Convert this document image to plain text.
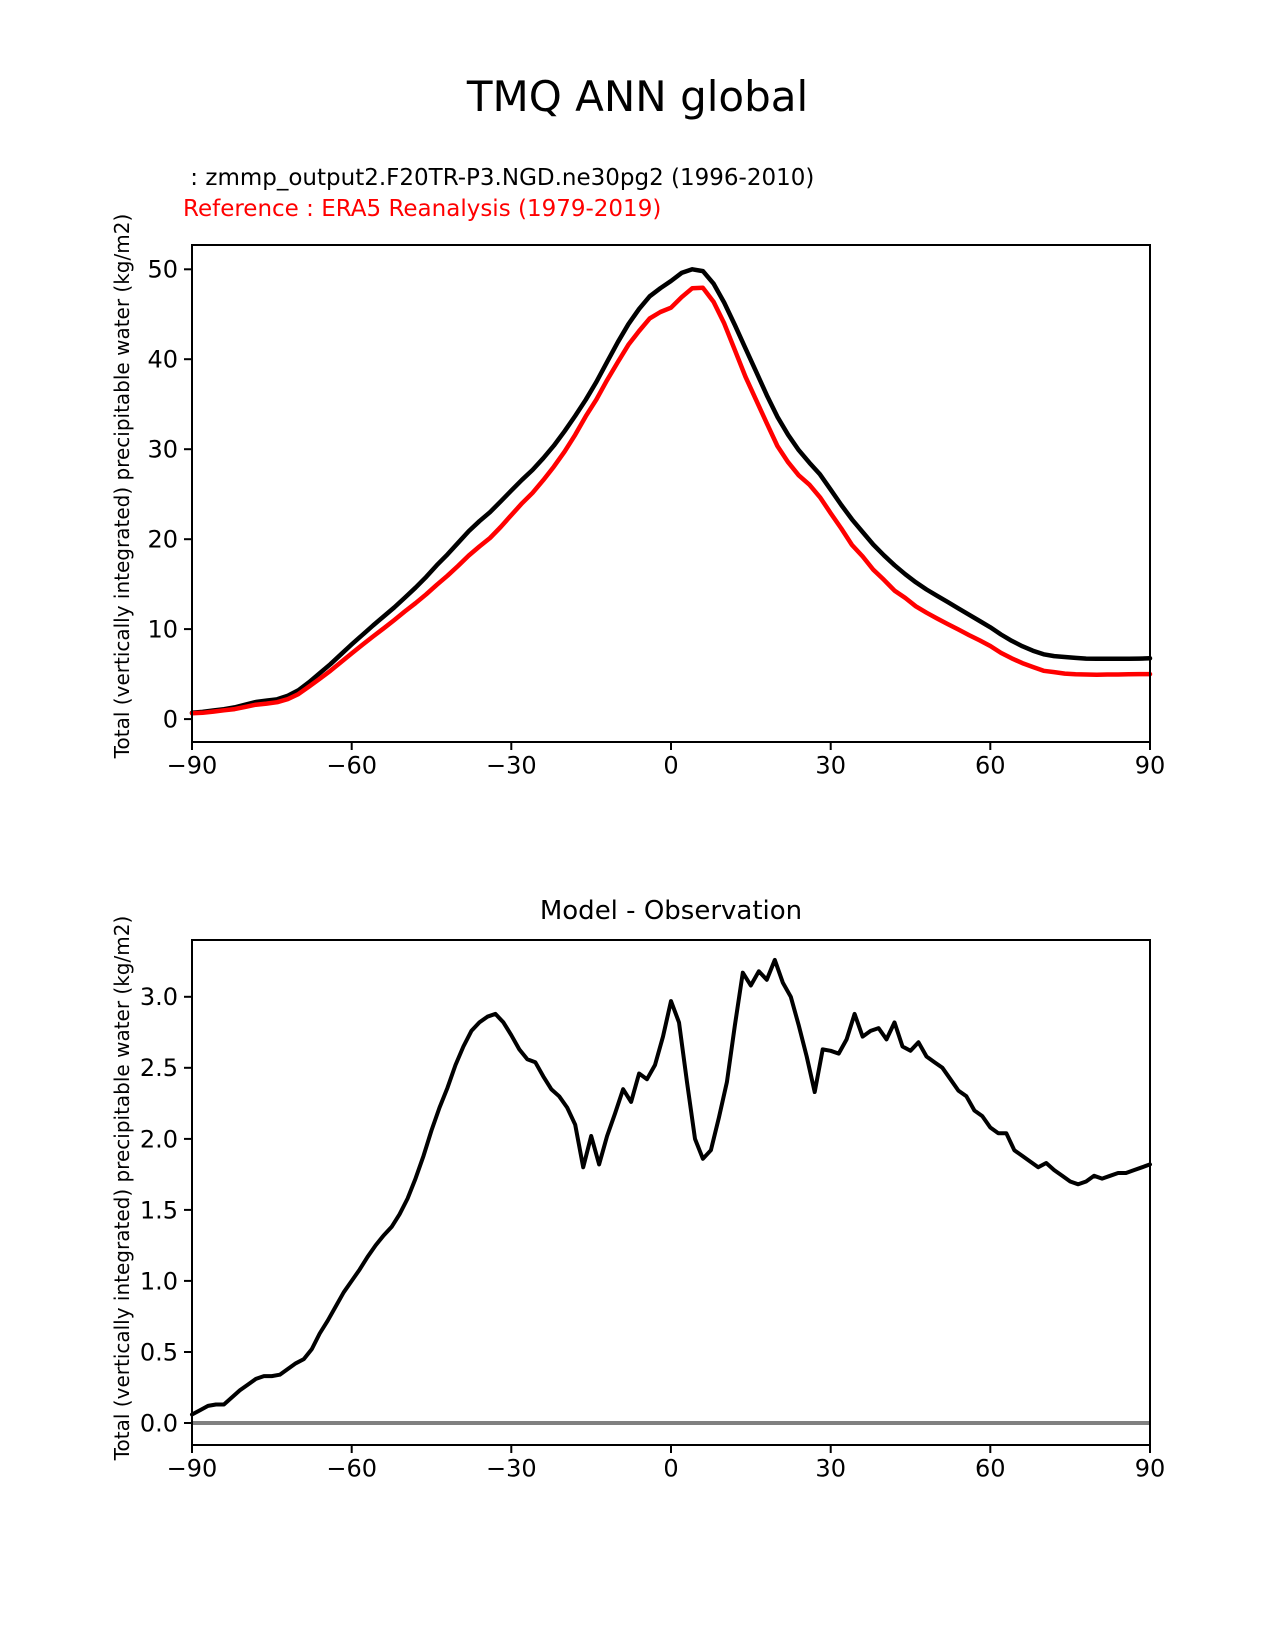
−90	−60	−30	0	30	60	90
0
10
20
30
40
50
−90	−60	−30	0	30	60	90
0.0
0.5
1.0
1.5
2.0
2.5
3.0
TMQ ANN global
: zmmp_output2.F20TR-P3.NGD.ne30pg2 (1996-2010)
Reference : ERA5 Reanalysis (1979-2019)
Total (vertically integrated) precipitable water (kg/m2)
Model - Observation
Total (vertically integrated) precipitable water (kg/m2)
